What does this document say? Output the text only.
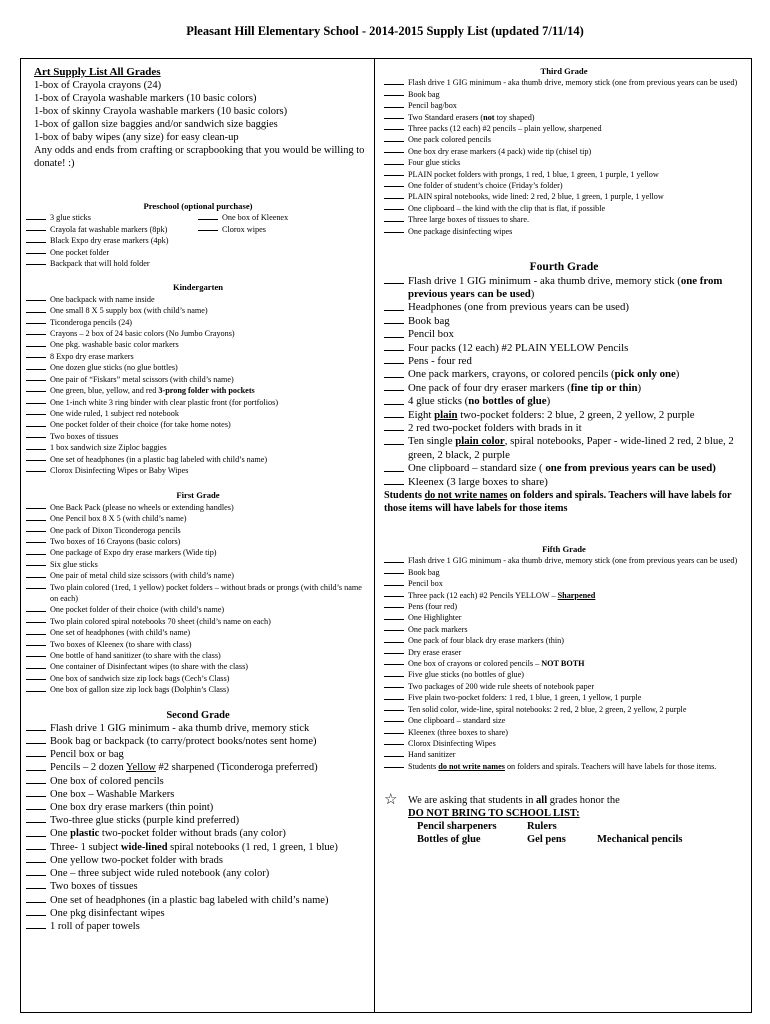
Pleasant Hill Elementary School - 2014-2015 Supply List (updated 7/11/14)
Art Supply List All Grades
1-box of Crayola crayons (24)
1-box of Crayola washable markers (10 basic colors)
1-box of skinny Crayola washable markers (10 basic colors)
1-box of gallon size baggies and/or sandwich size baggies
1-box of baby wipes (any size) for easy clean-up
Any odds and ends from crafting or scrapbooking that you would be willing to donate! :)
Preschool (optional purchase)
3 glue sticks	One box of Kleenex
Crayola fat washable markers (8pk)	Clorox wipes
Black Expo dry erase markers (4pk)
One pocket folder
Backpack that will hold folder
Kindergarten
One backpack with name inside
One small 8 X 5 supply box (with child’s name)
Ticonderoga pencils (24)
Crayons – 2 box of 24 basic colors (No Jumbo Crayons)
One pkg. washable basic color markers
8 Expo dry erase markers
One dozen glue sticks (no glue bottles)
One pair of “Fiskars” metal scissors (with child’s name)
One green, blue, yellow, and red 3-prong folder with pockets
One 1-inch white 3 ring binder with clear plastic front (for portfolios)
One wide ruled, 1 subject red notebook
One pocket folder of their choice (for take home notes)
Two boxes of tissues
1 box sandwich size Ziploc baggies
One set of headphones (in a plastic bag labeled with child’s name)
Clorox Disinfecting Wipes or Baby Wipes
First Grade
One Back Pack (please no wheels or extending handles)
One Pencil box 8 X 5 (with child’s name)
One pack of Dixon Ticonderoga pencils
Two boxes of 16 Crayons (basic colors)
One package of Expo dry erase markers (Wide tip)
Six glue sticks
One pair of metal child size scissors (with child’s name)
Two plain colored (1red, 1 yellow) pocket folders – without brads or prongs (with child’s name on each)
One pocket folder of their choice (with child’s name)
Two plain colored spiral notebooks 70 sheet (child’s name on each)
One set of headphones (with child’s name)
Two boxes of Kleenex (to share with class)
One bottle of hand sanitizer (to share with the class)
One container of Disinfectant wipes (to share with the class)
One box of sandwich size zip lock bags (Cech’s Class)
One box of gallon size zip lock bags (Dolphin’s Class)
Second Grade
Flash drive 1 GIG minimum - aka thumb drive, memory stick
Book bag or backpack (to carry/protect books/notes sent home)
Pencil box or bag
Pencils – 2 dozen Yellow #2 sharpened (Ticonderoga preferred)
One box of colored pencils
One box – Washable Markers
One box dry erase markers (thin point)
Two-three glue sticks (purple kind preferred)
One plastic two-pocket folder without brads (any color)
Three- 1 subject wide-lined spiral notebooks (1 red, 1 green, 1 blue)
One yellow two-pocket folder with brads
One – three subject wide ruled notebook (any color)
Two boxes of tissues
One set of headphones (in a plastic bag labeled with child’s name)
One pkg disinfectant wipes
1 roll of paper towels
Third Grade
Flash drive 1 GIG minimum - aka thumb drive, memory stick (one from previous years can be used)
Book bag
Pencil bag/box
Two Standard erasers (not toy shaped)
Three packs (12 each) #2 pencils – plain yellow, sharpened
One pack colored pencils
One box dry erase markers (4 pack) wide tip (chisel tip)
Four glue sticks
PLAIN pocket folders with prongs, 1 red, 1 blue, 1 green, 1 purple, 1 yellow
One folder of student’s choice (Friday’s folder)
PLAIN spiral notebooks, wide lined: 2 red, 2 blue, 1 green, 1 purple, 1 yellow
One clipboard – the kind with the clip that is flat, if possible
Three large boxes of tissues to share.
One package disinfecting wipes
Fourth Grade
Flash drive 1 GIG minimum - aka thumb drive, memory stick (one from previous years can be used)
Headphones (one from previous years can be used)
Book bag
Pencil box
Four packs (12 each) #2 PLAIN YELLOW Pencils
Pens - four red
One pack markers, crayons, or colored pencils (pick only one)
One pack of four dry eraser markers (fine tip or thin)
4 glue sticks (no bottles of glue)
Eight plain two-pocket folders: 2 blue, 2 green, 2 yellow, 2 purple
2 red two-pocket folders with brads in it
Ten single plain color, spiral notebooks, Paper - wide-lined 2 red, 2 blue, 2 green, 2 black, 2 purple
One clipboard – standard size ( one from previous years can be used)
Kleenex (3 large boxes to share)
Students do not write names on folders and spirals. Teachers will have labels for those items will have labels for those items
Fifth Grade
Flash drive 1 GIG minimum - aka thumb drive, memory stick (one from previous years can be used)
Book bag
Pencil box
Three pack (12 each) #2 Pencils YELLOW – Sharpened
Pens (four red)
One Highlighter
One pack markers
One pack of four black dry erase markers (thin)
Dry erase eraser
One box of crayons or colored pencils – NOT BOTH
Five glue sticks (no bottles of glue)
Two packages of 200 wide rule sheets of notebook paper
Five plain two-pocket folders: 1 red, 1 blue, 1 green, 1 yellow, 1 purple
Ten solid color, wide-line, spiral notebooks: 2 red, 2 blue, 2 green, 2 yellow, 2 purple
One clipboard – standard size
Kleenex (three boxes to share)
Clorox Disinfecting Wipes
Hand sanitizer
Students do not write names on folders and spirals. Teachers will have labels for those items.
☆	We are asking that students in all grades honor the
DO NOT BRING TO SCHOOL LIST:
Pencil sharpeners	Rulers
Bottles of glue	Gel pens	Mechanical pencils
